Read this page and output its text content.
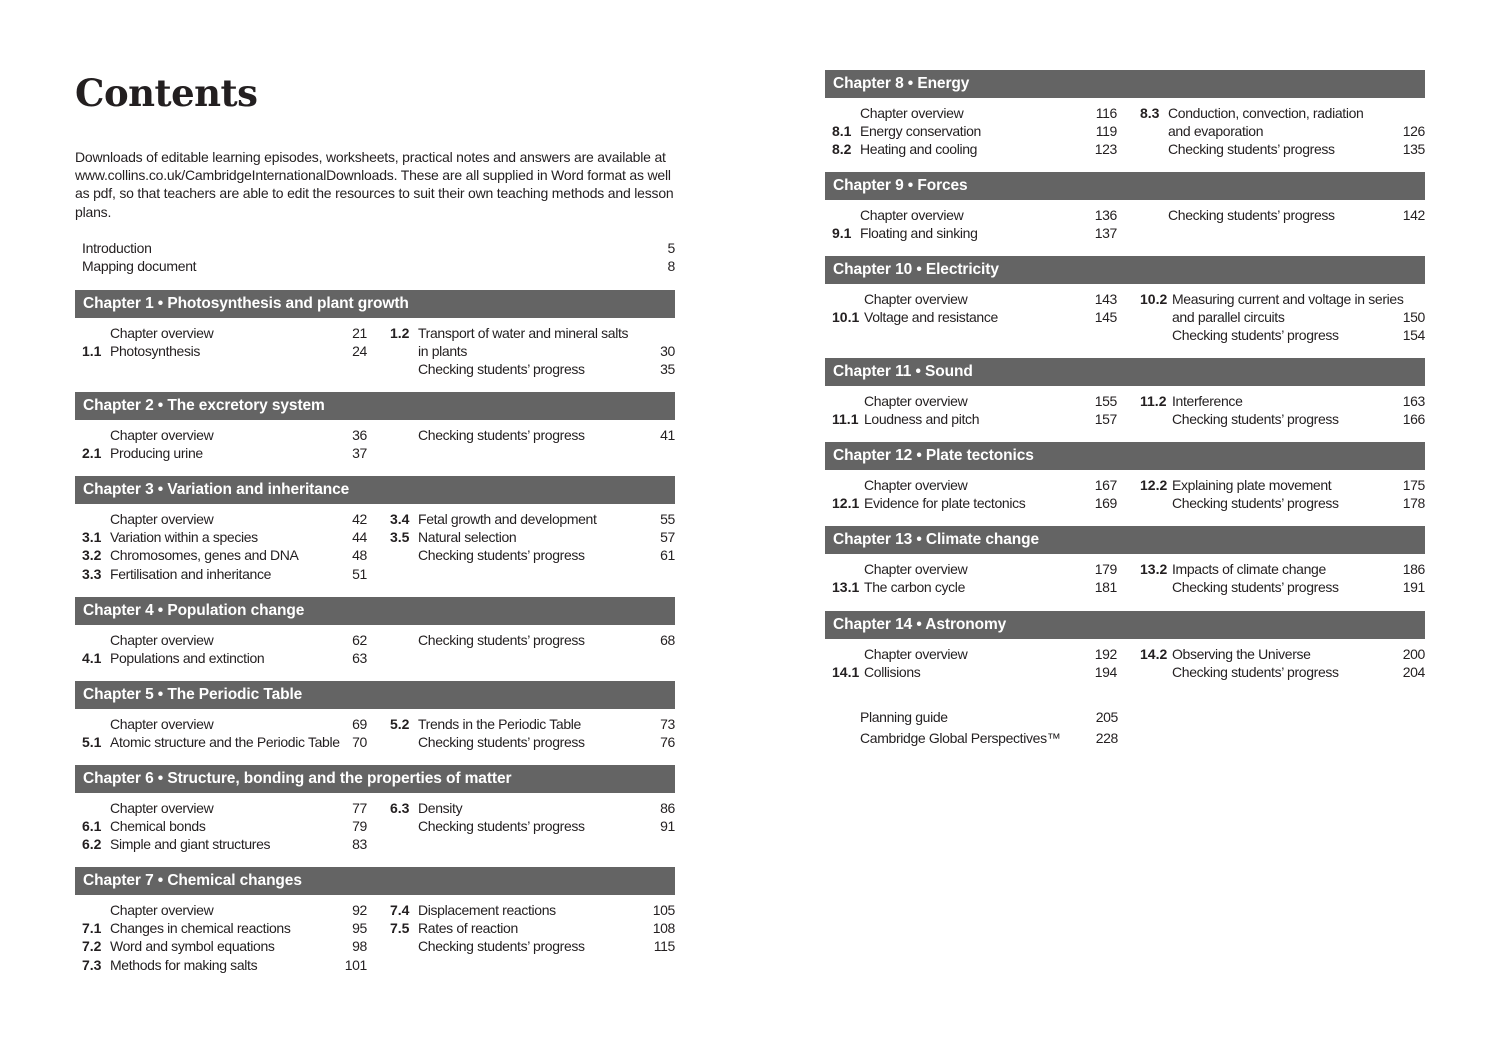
Contents
Downloads of editable learning episodes, worksheets, practical notes and answers are available at www.collins.co.uk/CambridgeInternationalDownloads. These are all supplied in Word format as well as pdf, so that teachers are able to edit the resources to suit their own teaching methods and lesson plans.
Introduction	5
Mapping document	8
Chapter 1 • Photosynthesis and plant growth
Chapter overview	21
1.1 Photosynthesis	24
1.2 Transport of water and mineral salts
in plants	30
Checking students’ progress	35
Chapter 2 • The excretory system
Chapter overview	36
2.1 Producing urine	37
Checking students’ progress	41
Chapter 3 • Variation and inheritance
Chapter overview	42
3.1 Variation within a species	44
3.2 Chromosomes, genes and DNA	48
3.3 Fertilisation and inheritance	51
3.4 Fetal growth and development	55
3.5 Natural selection	57
Checking students’ progress	61
Chapter 4 • Population change
Chapter overview	62
4.1 Populations and extinction	63
Checking students’ progress	68
Chapter 5 • The Periodic Table
Chapter overview	69
5.1 Atomic structure and the Periodic Table 70
5.2 Trends in the Periodic Table	73
Checking students’ progress	76
Chapter 6 • Structure, bonding and the properties of matter
Chapter overview	77
6.1 Chemical bonds	79
6.2 Simple and giant structures	83
6.3 Density	86
Checking students’ progress	91
Chapter 7 • Chemical changes
Chapter overview	92
7.1 Changes in chemical reactions	95
7.2 Word and symbol equations	98
7.3 Methods for making salts	101
7.4 Displacement reactions	105
7.5 Rates of reaction	108
Checking students’ progress	115
Chapter 8 • Energy
Chapter overview	116
8.1 Energy conservation	119
8.2 Heating and cooling	123
8.3 Conduction, convection, radiation
and evaporation	126
Checking students’ progress	135
Chapter 9 • Forces
Chapter overview	136
9.1 Floating and sinking	137
Checking students’ progress	142
Chapter 10 • Electricity
Chapter overview	143
10.1 Voltage and resistance	145
10.2 Measuring current and voltage in series
and parallel circuits	150
Checking students’ progress	154
Chapter 11 • Sound
Chapter overview	155
11.1 Loudness and pitch	157
11.2 Interference	163
Checking students’ progress	166
Chapter 12 • Plate tectonics
Chapter overview	167
12.1 Evidence for plate tectonics	169
12.2 Explaining plate movement	175
Checking students’ progress	178
Chapter 13 • Climate change
Chapter overview	179
13.1 The carbon cycle	181
13.2 Impacts of climate change	186
Checking students’ progress	191
Chapter 14 • Astronomy
Chapter overview	192
14.1 Collisions	194
14.2 Observing the Universe	200
Checking students’ progress	204
Planning guide	205
Cambridge Global Perspectives™	228
